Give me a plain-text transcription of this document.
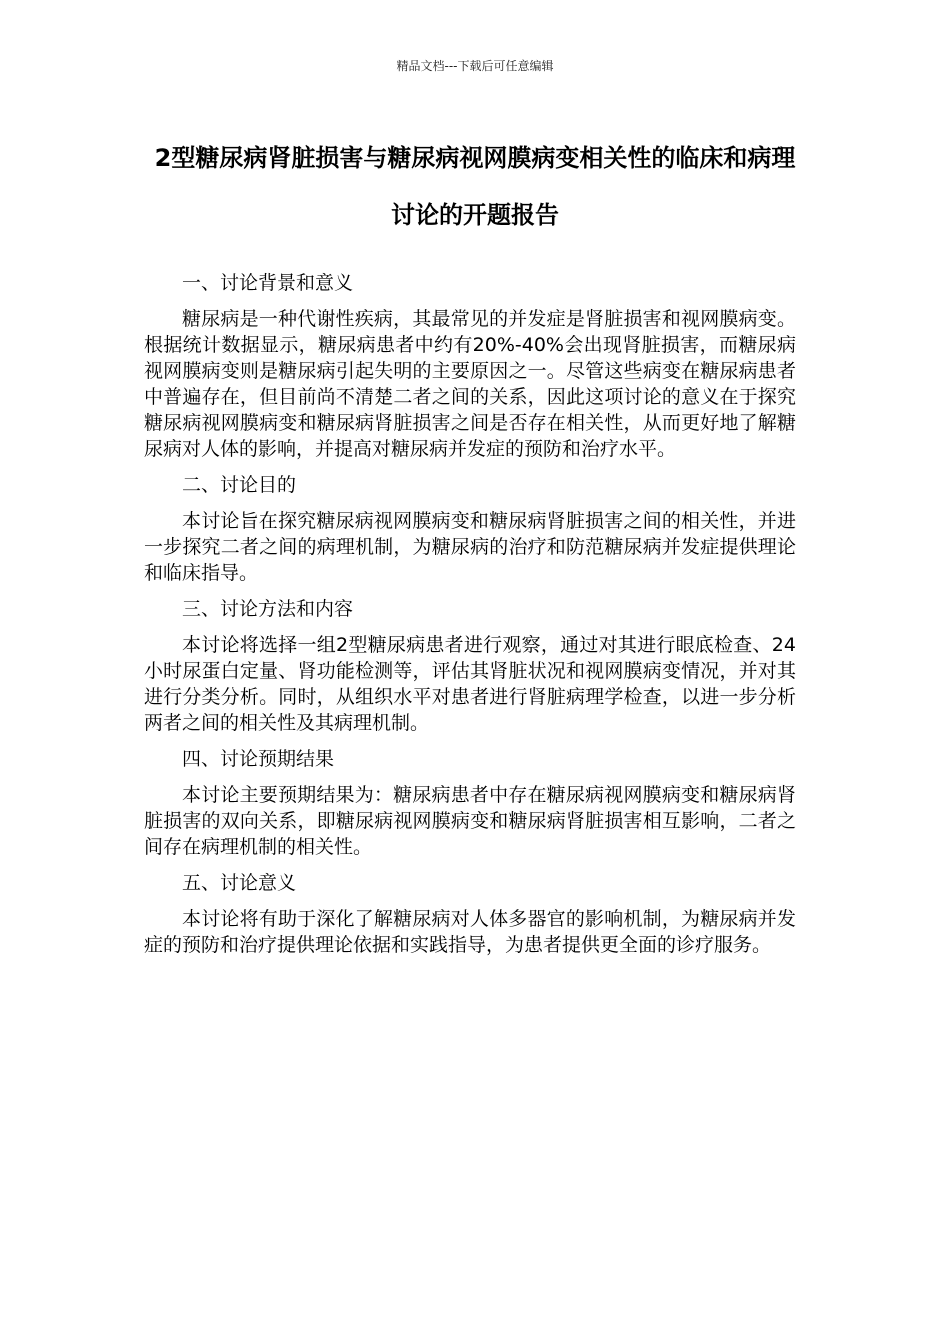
精品文档---下载后可任意编辑
2型糖尿病肾脏损害与糖尿病视网膜病变相关性的临床和病理讨论的开题报告

一、讨论背景和意义

糖尿病是一种代谢性疾病，其最常见的并发症是肾脏损害和视网膜病变。根据统计数据显示，糖尿病患者中约有20%-40%会出现肾脏损害，而糖尿病视网膜病变则是糖尿病引起失明的主要原因之一。尽管这些病变在糖尿病患者中普遍存在，但目前尚不清楚二者之间的关系，因此这项讨论的意义在于探究糖尿病视网膜病变和糖尿病肾脏损害之间是否存在相关性，从而更好地了解糖尿病对人体的影响，并提高对糖尿病并发症的预防和治疗水平。

二、讨论目的

本讨论旨在探究糖尿病视网膜病变和糖尿病肾脏损害之间的相关性，并进一步探究二者之间的病理机制，为糖尿病的治疗和防范糖尿病并发症提供理论和临床指导。

三、讨论方法和内容

本讨论将选择一组2型糖尿病患者进行观察，通过对其进行眼底检查、24小时尿蛋白定量、肾功能检测等，评估其肾脏状况和视网膜病变情况，并对其进行分类分析。同时，从组织水平对患者进行肾脏病理学检查，以进一步分析两者之间的相关性及其病理机制。

四、讨论预期结果

本讨论主要预期结果为：糖尿病患者中存在糖尿病视网膜病变和糖尿病肾脏损害的双向关系，即糖尿病视网膜病变和糖尿病肾脏损害相互影响，二者之间存在病理机制的相关性。

五、讨论意义

本讨论将有助于深化了解糖尿病对人体多器官的影响机制，为糖尿病并发症的预防和治疗提供理论依据和实践指导，为患者提供更全面的诊疗服务。
